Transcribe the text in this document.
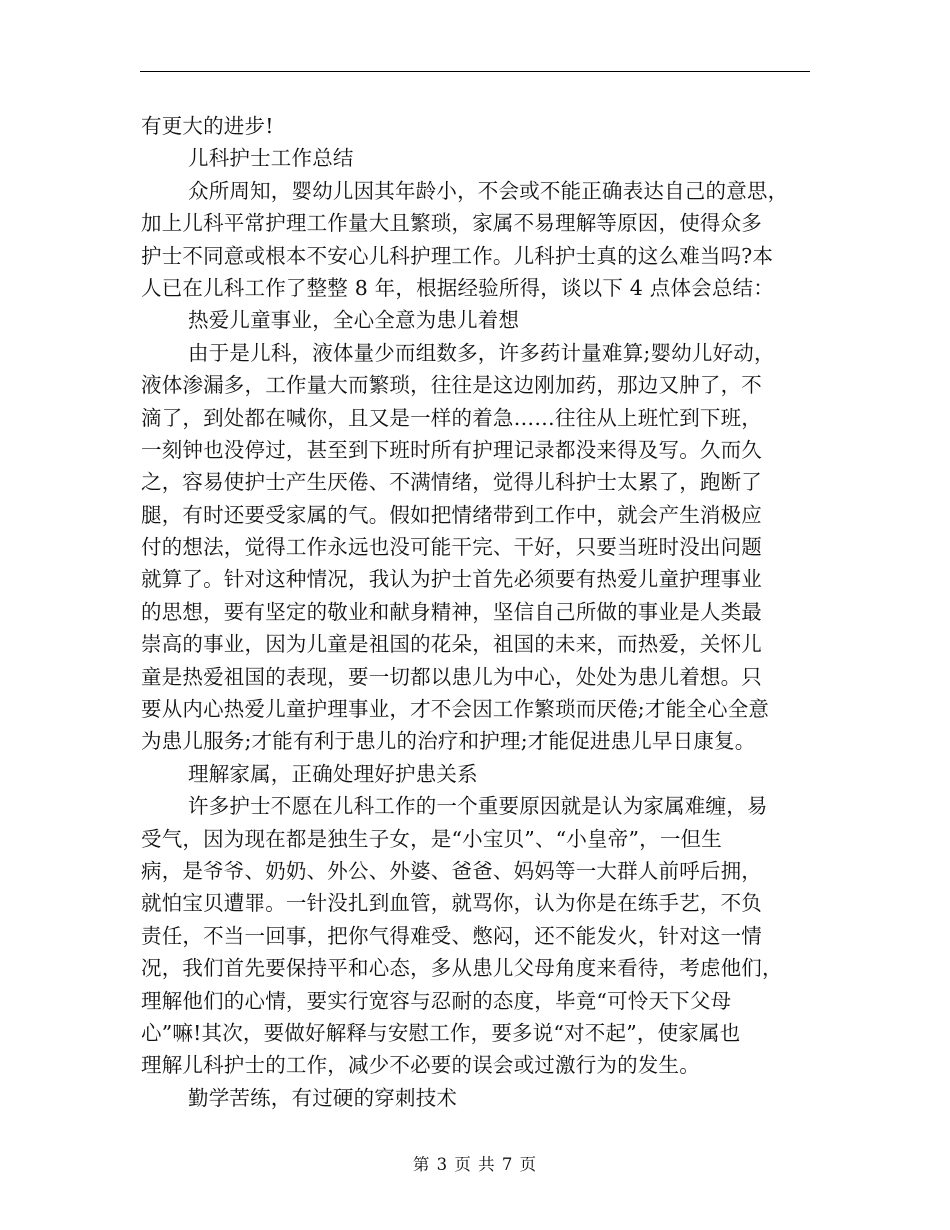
有更大的进步!
儿科护士工作总结
众所周知，婴幼儿因其年龄小，不会或不能正确表达自己的意思，
加上儿科平常护理工作量大且繁琐，家属不易理解等原因，使得众多
护士不同意或根本不安心儿科护理工作。儿科护士真的这么难当吗?本
人已在儿科工作了整整 8 年，根据经验所得，谈以下 4 点体会总结：
热爱儿童事业，全心全意为患儿着想
由于是儿科，液体量少而组数多，许多药计量难算;婴幼儿好动，
液体渗漏多，工作量大而繁琐，往往是这边刚加药，那边又肿了，不
滴了，到处都在喊你，且又是一样的着急……往往从上班忙到下班，
一刻钟也没停过，甚至到下班时所有护理记录都没来得及写。久而久
之，容易使护士产生厌倦、不满情绪，觉得儿科护士太累了，跑断了
腿，有时还要受家属的气。假如把情绪带到工作中，就会产生消极应
付的想法，觉得工作永远也没可能干完、干好，只要当班时没出问题
就算了。针对这种情况，我认为护士首先必须要有热爱儿童护理事业
的思想，要有坚定的敬业和献身精神，坚信自己所做的事业是人类最
崇高的事业，因为儿童是祖国的花朵，祖国的未来，而热爱，关怀儿
童是热爱祖国的表现，要一切都以患儿为中心，处处为患儿着想。只
要从内心热爱儿童护理事业，才不会因工作繁琐而厌倦;才能全心全意
为患儿服务;才能有利于患儿的治疗和护理;才能促进患儿早日康复。
理解家属，正确处理好护患关系
许多护士不愿在儿科工作的一个重要原因就是认为家属难缠，易
受气，因为现在都是独生子女，是“小宝贝”、“小皇帝”，一但生
病，是爷爷、奶奶、外公、外婆、爸爸、妈妈等一大群人前呼后拥，
就怕宝贝遭罪。一针没扎到血管，就骂你，认为你是在练手艺，不负
责任，不当一回事，把你气得难受、憋闷，还不能发火，针对这一情
况，我们首先要保持平和心态，多从患儿父母角度来看待，考虑他们，
理解他们的心情，要实行宽容与忍耐的态度，毕竟“可怜天下父母
心”嘛!其次，要做好解释与安慰工作，要多说“对不起”，使家属也
理解儿科护士的工作，减少不必要的误会或过激行为的发生。
勤学苦练，有过硬的穿刺技术
第 3 页 共 7 页
